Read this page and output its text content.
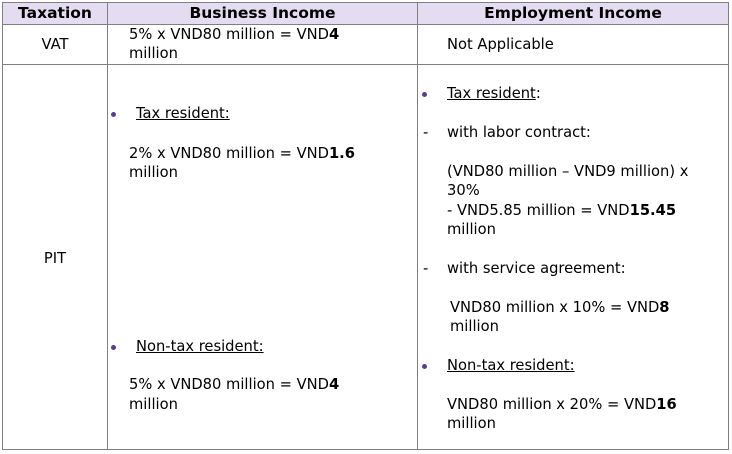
Taxation	Business Income	Employment Income
VAT
5% x VND80 million = VND4
million
Not Applicable
PIT
Tax resident:
2% x VND80 million = VND1.6
million
Non-tax resident:
5% x VND80 million = VND4
million
Tax resident:
- with labor contract:
(VND80 million – VND9 million) x
30%
- VND5.85 million = VND15.45
million
- with service agreement:
VND80 million x 10% = VND8
million
Non-tax resident:
VND80 million x 20% = VND16
million
